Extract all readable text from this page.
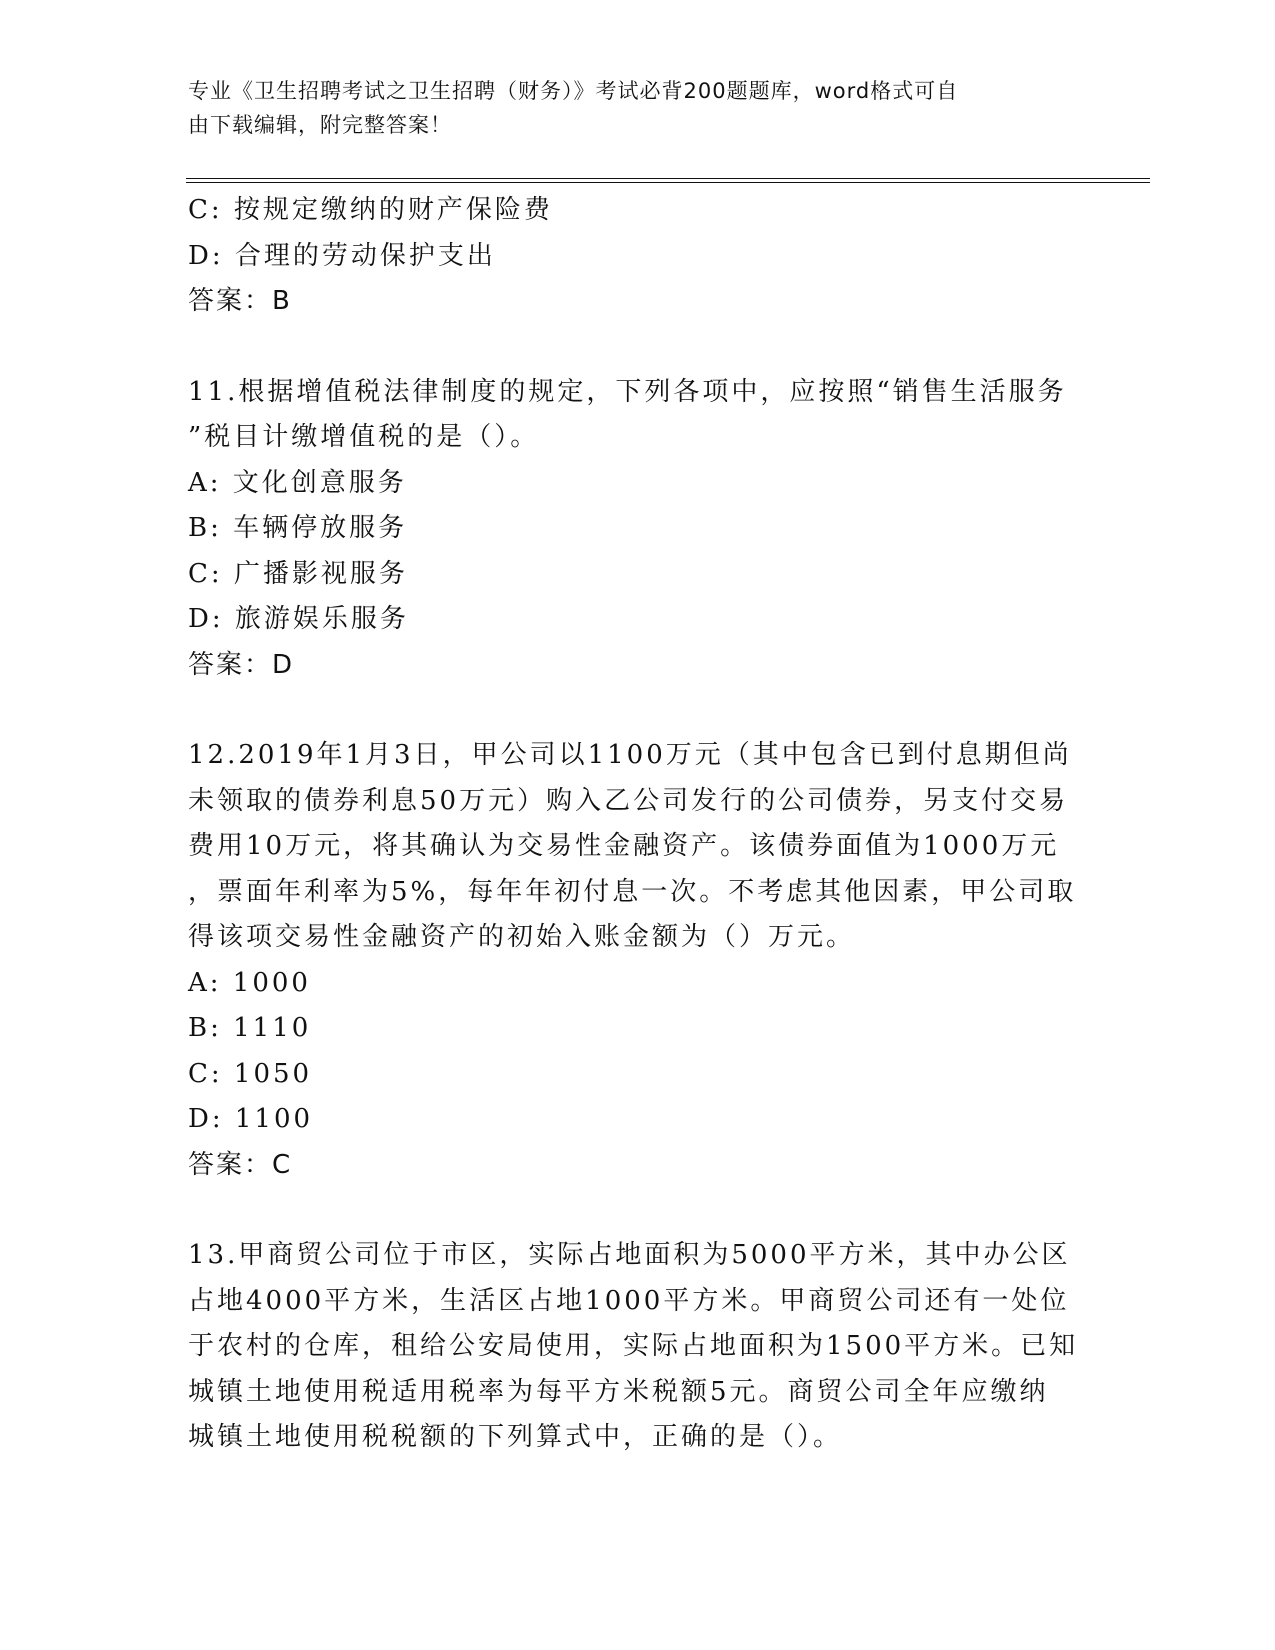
专业《卫生招聘考试之卫生招聘（财务）》考试必背200题题库，word格式可自
由下载编辑，附完整答案！
C: 按规定缴纳的财产保险费
D: 合理的劳动保护支出
答案：B
11.根据增值税法律制度的规定，下列各项中，应按照“销售生活服务
”税目计缴增值税的是（）。
A: 文化创意服务
B: 车辆停放服务
C: 广播影视服务
D: 旅游娱乐服务
答案：D
12.2019年1月3日，甲公司以1100万元（其中包含已到付息期但尚
未领取的债券利息50万元）购入乙公司发行的公司债券，另支付交易
费用10万元，将其确认为交易性金融资产。该债券面值为1000万元
，票面年利率为5%，每年年初付息一次。不考虑其他因素，甲公司取
得该项交易性金融资产的初始入账金额为（）万元。
A: 1000
B: 1110
C: 1050
D: 1100
答案：C
13.甲商贸公司位于市区，实际占地面积为5000平方米，其中办公区
占地4000平方米，生活区占地1000平方米。甲商贸公司还有一处位
于农村的仓库，租给公安局使用，实际占地面积为1500平方米。已知
城镇土地使用税适用税率为每平方米税额5元。商贸公司全年应缴纳
城镇土地使用税税额的下列算式中，正确的是（）。
